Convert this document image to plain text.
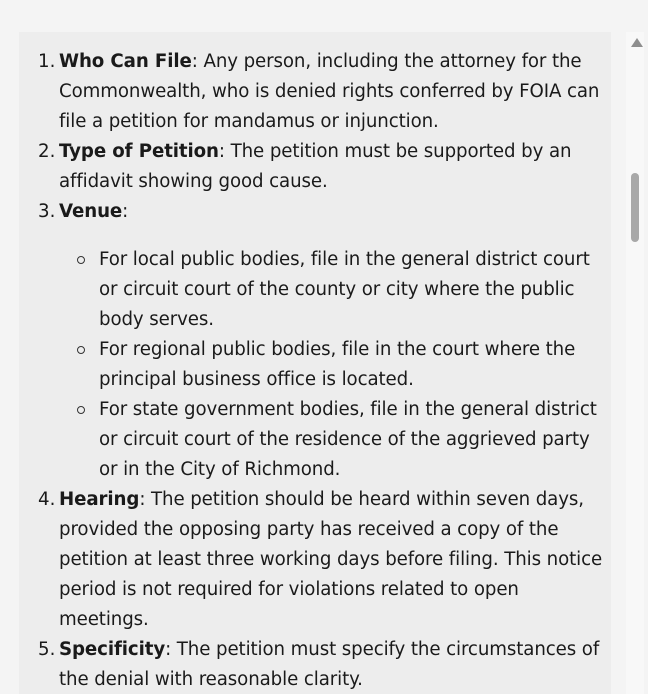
1. Who Can File: Any person, including the attorney for the
Commonwealth, who is denied rights conferred by FOIA can
file a petition for mandamus or injunction.
2. Type of Petition: The petition must be supported by an
affidavit showing good cause.
3. Venue:
For local public bodies, file in the general district court
or circuit court of the county or city where the public
body serves.
For regional public bodies, file in the court where the
principal business office is located.
For state government bodies, file in the general district
or circuit court of the residence of the aggrieved party
or in the City of Richmond.
4. Hearing: The petition should be heard within seven days,
provided the opposing party has received a copy of the
petition at least three working days before filing. This notice
period is not required for violations related to open
meetings.
5. Specificity: The petition must specify the circumstances of
the denial with reasonable clarity.
